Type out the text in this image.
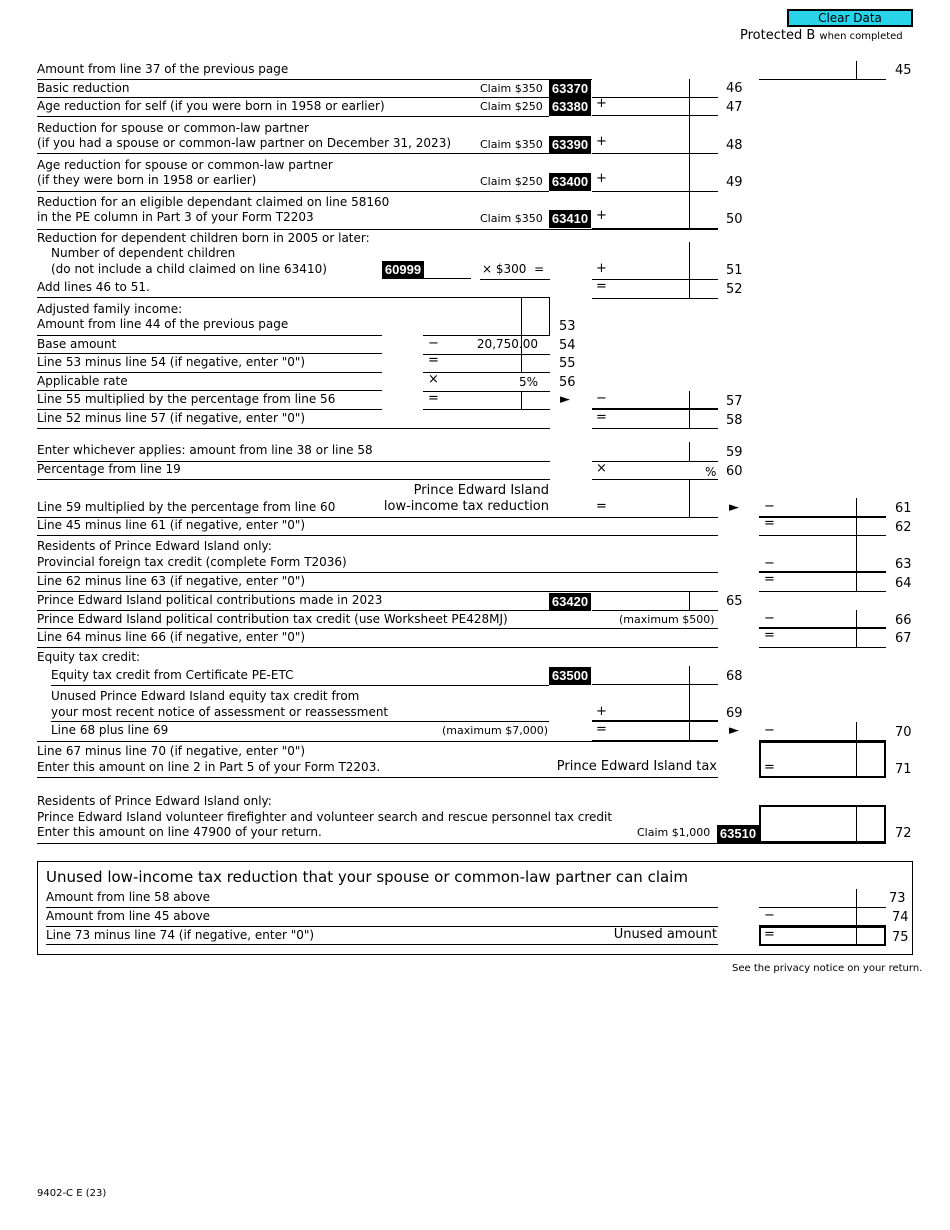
Clear Data
Protected B when completed
Amount from line 37 of the previous page	45
Basic reduction	Claim $350 63370	46
Age reduction for self (if you were born in 1958 or earlier)	Claim $250 63380 +	47
Reduction for spouse or common-law partner
(if you had a spouse or common-law partner on December 31, 2023)	Claim $350 63390 +	48
Age reduction for spouse or common-law partner
(if they were born in 1958 or earlier)	Claim $250 63400 +	49
Reduction for an eligible dependant claimed on line 58160
in the PE column in Part 3 of your Form T2203	Claim $350 63410 +	50
Reduction for dependent children born in 2005 or later:
Number of dependent children
(do not include a child claimed on line 63410)	60999	× $300 =	+	51
Add lines 46 to 51.	=	52
Adjusted family income:
Amount from line 44 of the previous page	53
Base amount	−	20,750.00 54
Line 53 minus line 54 (if negative, enter "0")	=	55
Applicable rate	×	5% 56
Line 55 multiplied by the percentage from line 56	=	► −	57
Line 52 minus line 57 (if negative, enter "0")	=	58
Enter whichever applies: amount from line 38 or line 58	59
Percentage from line 19	×	% 60
Line 59 multiplied by the percentage from line 60
Prince Edward Island
low-income tax reduction	=	► −	61
Line 45 minus line 61 (if negative, enter "0")	=	62
Residents of Prince Edward Island only:
Provincial foreign tax credit (complete Form T2036)	−	63
Line 62 minus line 63 (if negative, enter "0")	=	64
Prince Edward Island political contributions made in 2023	63420	65
Prince Edward Island political contribution tax credit (use Worksheet PE428MJ)	(maximum $500)	−	66
Line 64 minus line 66 (if negative, enter "0")	=	67
Equity tax credit:
Equity tax credit from Certificate PE-ETC	63500	68
Unused Prince Edward Island equity tax credit from
your most recent notice of assessment or reassessment	+	69
Line 68 plus line 69	(maximum $7,000)	=	► −	70
Line 67 minus line 70 (if negative, enter "0")
Enter this amount on line 2 in Part 5 of your Form T2203.	Prince Edward Island tax	=	71
Residents of Prince Edward Island only:
Prince Edward Island volunteer firefighter and volunteer search and rescue personnel tax credit
Enter this amount on line 47900 of your return.	Claim $1,000 63510	72
Unused low-income tax reduction that your spouse or common-law partner can claim
Amount from line 58 above	73
Amount from line 45 above	−	74
Line 73 minus line 74 (if negative, enter "0")	Unused amount	=	75
See the privacy notice on your return.
9402-C E (23)
